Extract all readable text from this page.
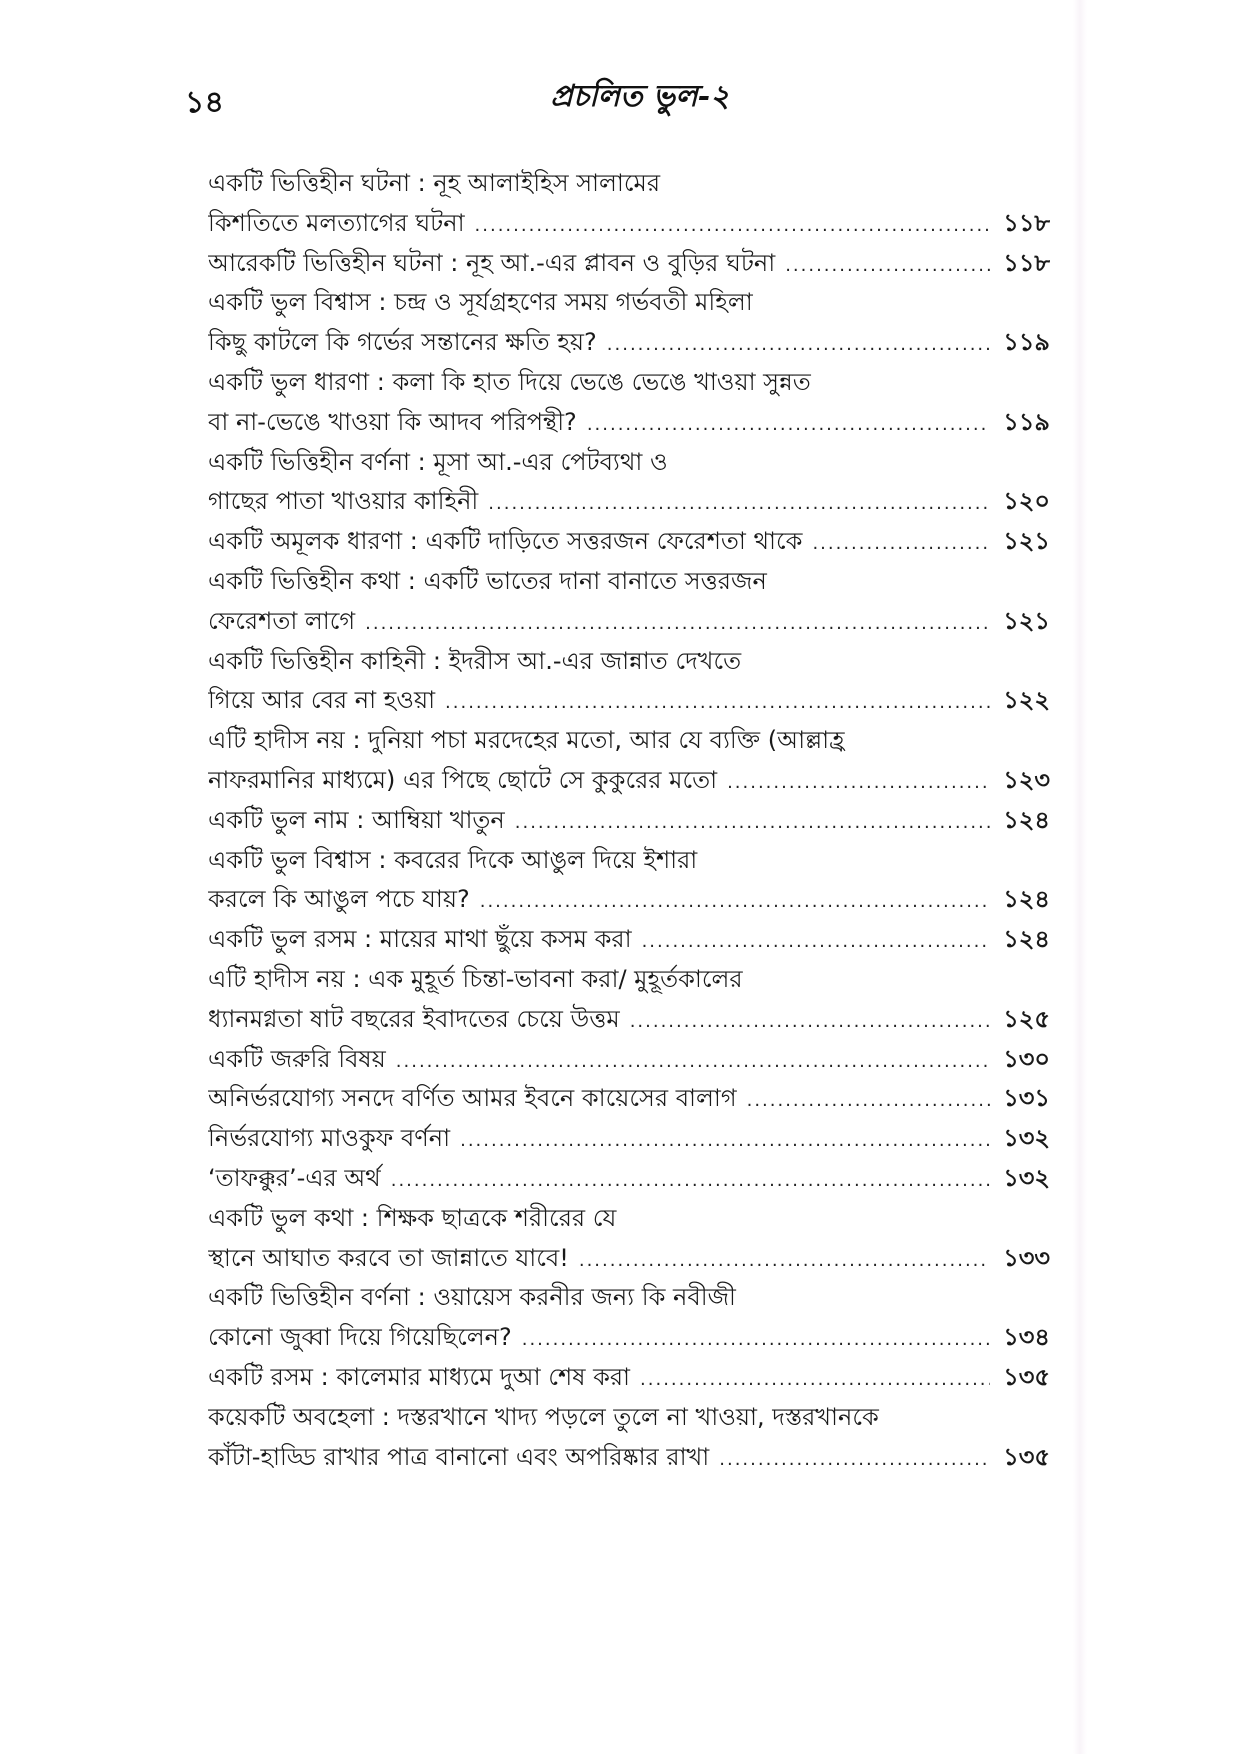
১৪	প্রচলিত ভুল-২
একটি ভিত্তিহীন ঘটনা : নূহ আলাইহিস সালামের
কিশতিতে মলত্যাগের ঘটনা .....	১১৮
আরেকটি ভিত্তিহীন ঘটনা : নূহ আ.-এর প্লাবন ও বুড়ির ঘটনা .....	১১৮
একটি ভুল বিশ্বাস : চন্দ্র ও সূর্যগ্রহণের সময় গর্ভবতী মহিলা
কিছু কাটলে কি গর্ভের সন্তানের ক্ষতি হয়? .....	১১৯
একটি ভুল ধারণা : কলা কি হাত দিয়ে ভেঙে ভেঙে খাওয়া সুন্নত
বা না-ভেঙে খাওয়া কি আদব পরিপন্থী? .....	১১৯
একটি ভিত্তিহীন বর্ণনা : মূসা আ.-এর পেটব্যথা ও
গাছের পাতা খাওয়ার কাহিনী .....	১২০
একটি অমূলক ধারণা : একটি দাড়িতে সত্তরজন ফেরেশতা থাকে .....	১২১
একটি ভিত্তিহীন কথা : একটি ভাতের দানা বানাতে সত্তরজন
ফেরেশতা লাগে .....	১২১
একটি ভিত্তিহীন কাহিনী : ইদরীস আ.-এর জান্নাত দেখতে
গিয়ে আর বের না হওয়া .....	১২২
এটি হাদীস নয় : দুনিয়া পচা মরদেহের মতো, আর যে ব্যক্তি (আল্লাহ্র
নাফরমানির মাধ্যমে) এর পিছে ছোটে সে কুকুরের মতো .....	১২৩
একটি ভুল নাম : আম্বিয়া খাতুন .....	১২৪
একটি ভুল বিশ্বাস : কবরের দিকে আঙুল দিয়ে ইশারা
করলে কি আঙুল পচে যায়? .....	১২৪
একটি ভুল রসম : মায়ের মাথা ছুঁয়ে কসম করা .....	১২৪
এটি হাদীস নয় : এক মুহূর্ত চিন্তা-ভাবনা করা/ মুহূর্তকালের
ধ্যানমগ্নতা ষাট বছরের ইবাদতের চেয়ে উত্তম .....	১২৫
একটি জরুরি বিষয় .....	১৩০
অনির্ভরযোগ্য সনদে বর্ণিত আমর ইবনে কায়েসের বালাগ .....	১৩১
নির্ভরযোগ্য মাওকুফ বর্ণনা .....	১৩২
‘তাফক্কুর’-এর অর্থ .....	১৩২
একটি ভুল কথা : শিক্ষক ছাত্রকে শরীরের যে
স্থানে আঘাত করবে তা জান্নাতে যাবে! .....	১৩৩
একটি ভিত্তিহীন বর্ণনা : ওয়ায়েস করনীর জন্য কি নবীজী
কোনো জুব্বা দিয়ে গিয়েছিলেন? .....	১৩৪
একটি রসম : কালেমার মাধ্যমে দুআ শেষ করা .....	১৩৫
কয়েকটি অবহেলা : দস্তরখানে খাদ্য পড়লে তুলে না খাওয়া, দস্তরখানকে
কাঁটা-হাড্ডি রাখার পাত্র বানানো এবং অপরিষ্কার রাখা .....	১৩৫
